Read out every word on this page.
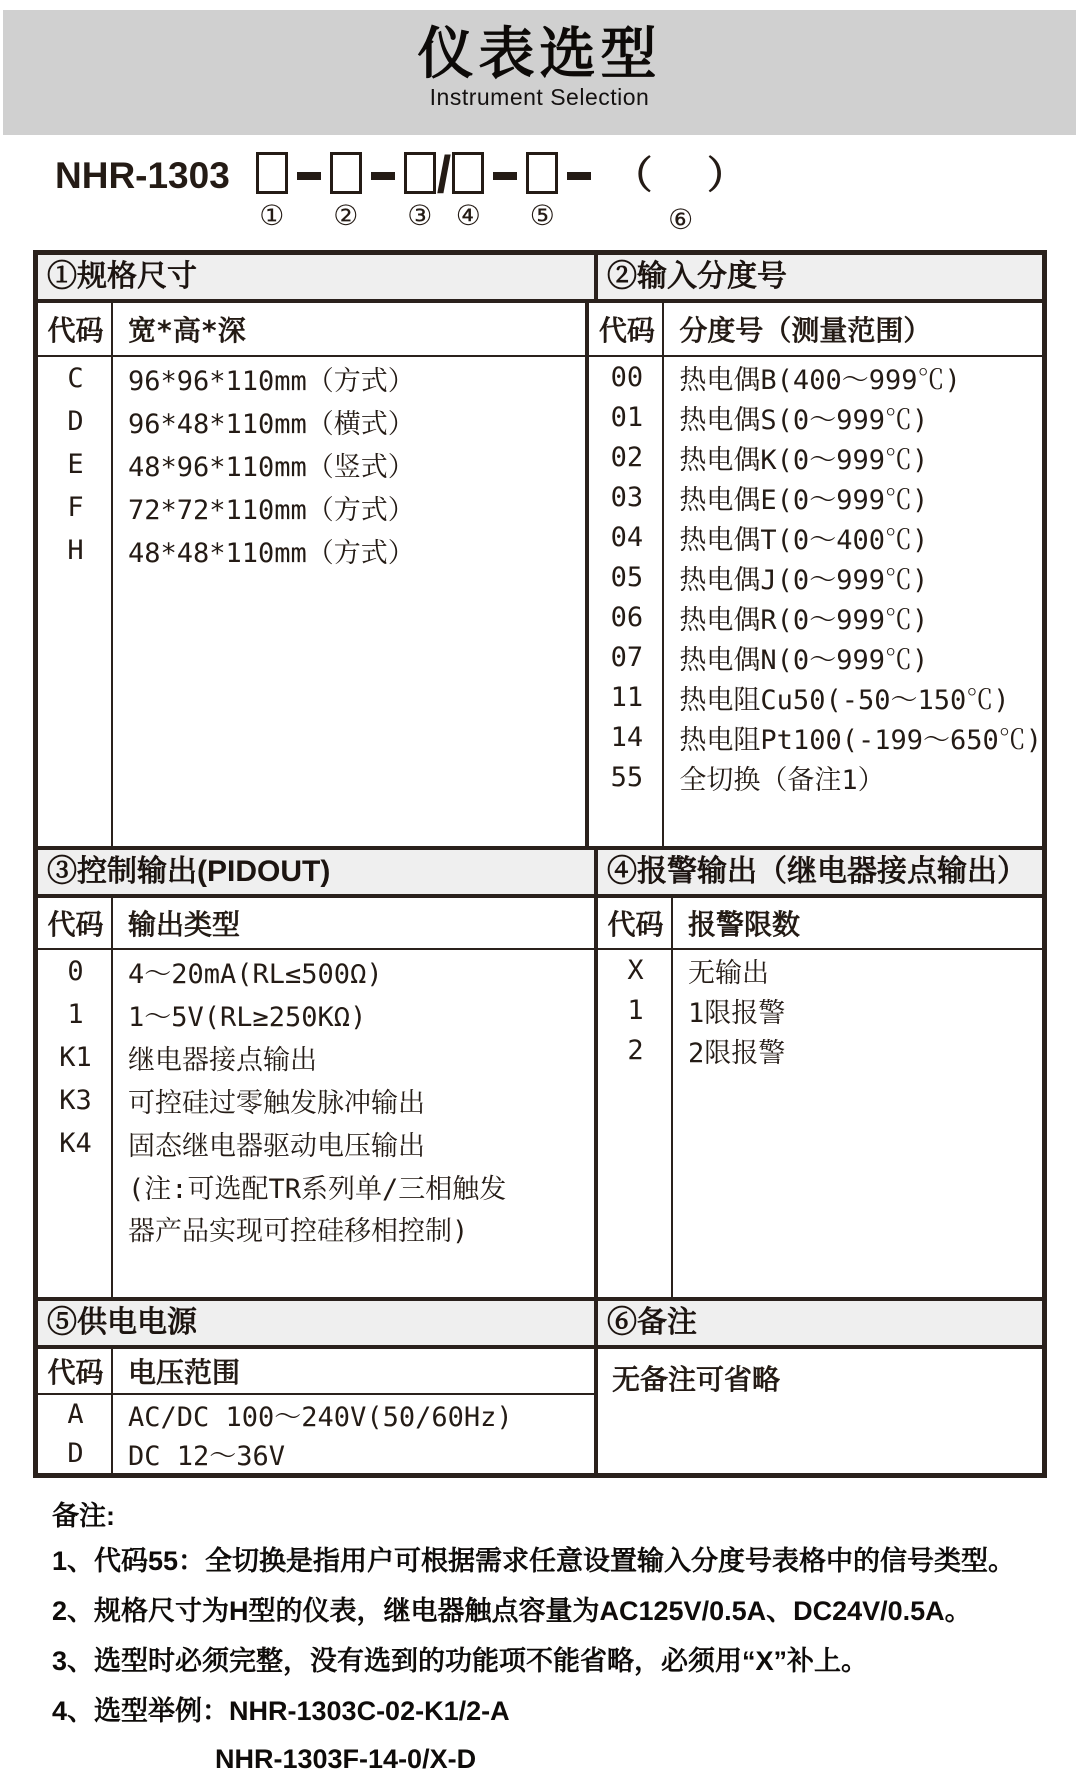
仪表选型
Instrument Selection
NHR-1303
① ② ③
/
④ ⑤
（ ）
⑥
①规格尺寸	②输入分度号
代码 宽*高*深
C	96*96*110mm（方式）
D	96*48*110mm（横式）
E	48*96*110mm（竖式）
F	72*72*110mm（方式）
H	48*48*110mm（方式）
代码 分度号（测量范围）
00	热电偶B(400～999℃)
01	热电偶S(0～999℃)
02	热电偶K(0～999℃)
03	热电偶E(0～999℃)
04	热电偶T(0～400℃)
05	热电偶J(0～999℃)
06	热电偶R(0～999℃)
07	热电偶N(0～999℃)
11	热电阻Cu50(-50～150℃)
14	热电阻Pt100(-199～650℃)
55	全切换（备注1）
③控制输出(PIDOUT)	④报警输出（继电器接点输出）
代码 输出类型
0	4～20mA(RL≤500Ω)
1	1～5V(RL≥250KΩ)
K1	继电器接点输出
K3	可控硅过零触发脉冲输出
K4	固态继电器驱动电压输出
(注:可选配TR系列单/三相触发
器产品实现可控硅移相控制)
代码 报警限数
X	无输出
1	1限报警
2	2限报警
⑤供电电源	⑥备注
代码 电压范围
A	AC/DC 100～240V(50/60Hz)
D	DC 12～36V
无备注可省略
备注:
1、代码55：全切换是指用户可根据需求任意设置输入分度号表格中的信号类型。
2、规格尺寸为H型的仪表，继电器触点容量为AC125V/0.5A、DC24V/0.5A。
3、选型时必须完整，没有选到的功能项不能省略，必须用“X”补上。
4、选型举例：NHR-1303C-02-K1/2-A
NHR-1303F-14-0/X-D
